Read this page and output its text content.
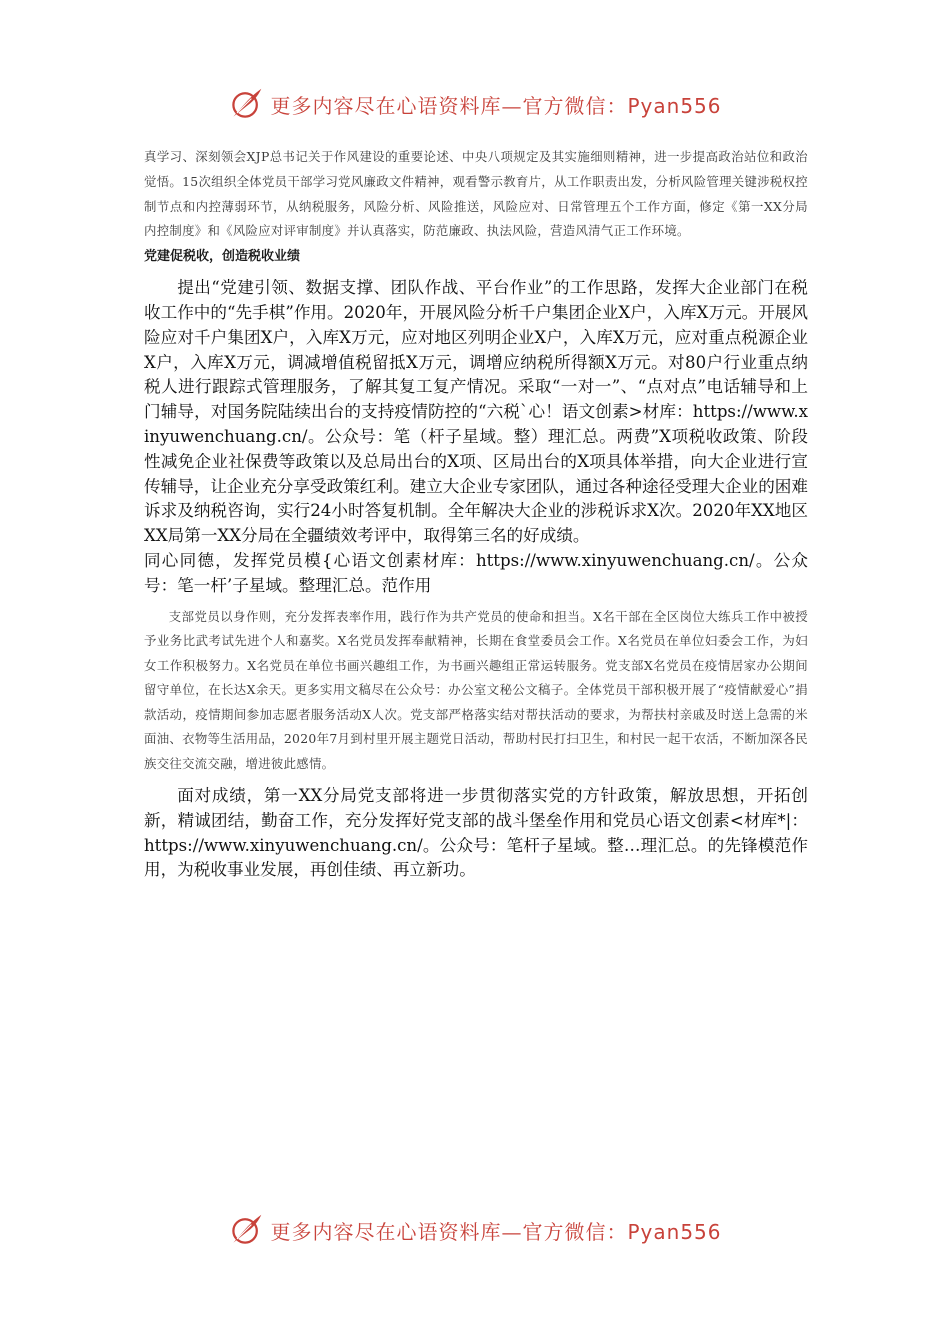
更多内容尽在心语资料库—官方微信：Pyan556

真学习、深刻领会XJP总书记关于作风建设的重要论述、中央八项规定及其实施细则精神，进一步提高政治站位和政治觉悟。15次组织全体党员干部学习党风廉政文件精神，观看警示教育片，从工作职责出发，分析风险管理关键涉税权控制节点和内控薄弱环节，从纳税服务，风险分析、风险推送，风险应对、日常管理五个工作方面，修定《第一XX分局内控制度》和《风险应对评审制度》并认真落实，防范廉政、执法风险，营造风清气正工作环境。

党建促税收，创造税收业绩

提出“党建引领、数据支撑、团队作战、平台作业”的工作思路，发挥大企业部门在税收工作中的“先手棋”作用。2020年，开展风险分析千户集团企业X户，入库X万元。开展风险应对千户集团X户，入库X万元，应对地区列明企业X户，入库X万元，应对重点税源企业X户，入库X万元，调减增值税留抵X万元，调增应纳税所得额X万元。对80户行业重点纳税人进行跟踪式管理服务，了解其复工复产情况。采取“一对一”、“点对点”电话辅导和上门辅导，对国务院陆续出台的支持疫情防控的“六税`心！语文创素>材库：https://www.xinyuwenchuang.cn/。公众号：笔（杆子星域。整）理汇总。两费”X项税收政策、阶段性减免企业社保费等政策以及总局出台的X项、区局出台的X项具体举措，向大企业进行宣传辅导，让企业充分享受政策红利。建立大企业专家团队，通过各种途径受理大企业的困难诉求及纳税咨询，实行24小时答复机制。全年解决大企业的涉税诉求X次。2020年XX地区XX局第一XX分局在全疆绩效考评中，取得第三名的好成绩。

同心同德，发挥党员模{心语文创素材库：https://www.xinyuwenchuang.cn/。公众号：笔一杆’子星域。整理汇总。范作用

支部党员以身作则，充分发挥表率作用，践行作为共产党员的使命和担当。X名干部在全区岗位大练兵工作中被授予业务比武考试先进个人和嘉奖。X名党员发挥奉献精神，长期在食堂委员会工作。X名党员在单位妇委会工作，为妇女工作积极努力。X名党员在单位书画兴趣组工作，为书画兴趣组正常运转服务。党支部X名党员在疫情居家办公期间留守单位，在长达X余天。更多实用文稿尽在公众号：办公室文秘公文稿子。全体党员干部积极开展了“疫情献爱心”捐款活动，疫情期间参加志愿者服务活动X人次。党支部严格落实结对帮扶活动的要求，为帮扶村亲戚及时送上急需的米面油、衣物等生活用品，2020年7月到村里开展主题党日活动，帮助村民打扫卫生，和村民一起干农活，不断加深各民族交往交流交融，增进彼此感情。

面对成绩，第一XX分局党支部将进一步贯彻落实党的方针政策，解放思想，开拓创新，精诚团结，勤奋工作，充分发挥好党支部的战斗堡垒作用和党员心语文创素<材库*|：https://www.xinyuwenchuang.cn/。公众号：笔杆子星域。整…理汇总。的先锋模范作用，为税收事业发展，再创佳绩、再立新功。

更多内容尽在心语资料库—官方微信：Pyan556
